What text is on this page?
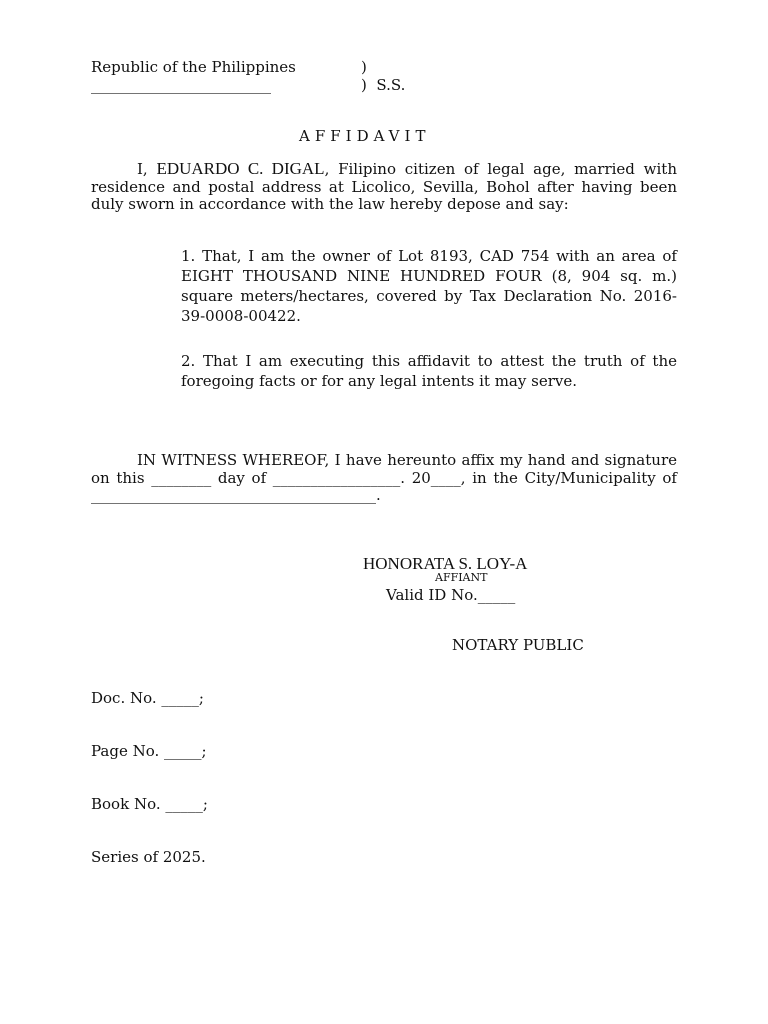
Republic of the Philippines	)
________________________	)  S.S.
AFFIDAVIT
I, EDUARDO C. DIGAL, Filipino citizen of legal age, married with residence and postal address at Licolico, Sevilla, Bohol after having been duly sworn in accordance with the law hereby depose and say:
1. That, I am the owner of Lot 8193, CAD 754 with an area of EIGHT THOUSAND NINE HUNDRED FOUR (8, 904 sq. m.) square meters/hectares, covered by Tax Declaration No. 2016-39-0008-00422.
2. That I am executing this affidavit to attest the truth of the foregoing facts or for any legal intents it may serve.
IN WITNESS WHEREOF, I have hereunto affix my hand and signature on this ________ day of _________________. 20____, in the City/Municipality of ______________________________________.
HONORATA S. LOY-A
AFFIANT
Valid ID No._____
NOTARY PUBLIC

Doc. No. _____;

Page No. _____;

Book No. _____;

Series of 2025.
